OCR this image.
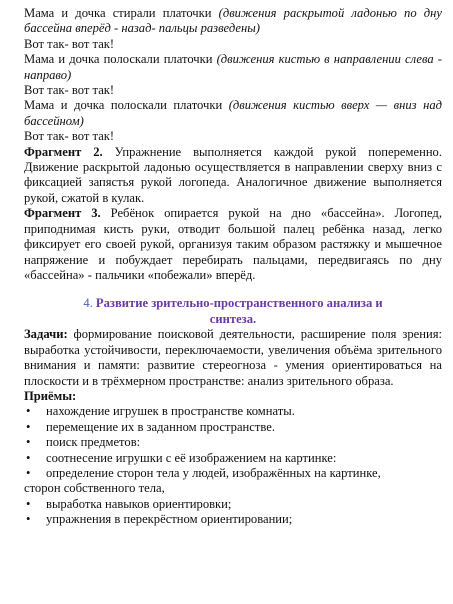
Мама и дочка стирали платочки (движения раскрытой ладонью по дну бассейна вперёд - назад- пальцы разведены)
Вот так- вот так!
Мама и дочка полоскали платочки (движения кистью в направлении слева - направо)
Вот так- вот так!
Мама и дочка полоскали платочки (движения кистью вверх — вниз над бассейном)
Вот так- вот так!
Фрагмент 2. Упражнение выполняется каждой рукой попеременно. Движение раскрытой ладонью осуществляется в направлении сверху вниз с фиксацией запястья рукой логопеда. Аналогичное движение выполняется рукой, сжатой в кулак.
Фрагмент 3. Ребёнок опирается рукой на дно «бассейна». Логопед, приподнимая кисть руки, отводит большой палец ребёнка назад, легко фиксирует его своей рукой, организуя таким образом растяжку и мышечное напряжение и побуждает перебирать пальцами, передвигаясь по дну «бассейна» - пальчики «побежали» вперёд.
4. Развитие зрительно-пространственного анализа и
синтеза.
Задачи: формирование поисковой деятельности, расширение поля зрения: выработка устойчивости, переключаемости, увеличения объёма зрительного внимания и памяти: развитие стереогноза - умения ориентироваться на плоскости и в трёхмерном пространстве: анализ зрительного образа.
Приёмы:
• нахождение игрушек в пространстве комнаты.
• перемещение их в заданном пространстве.
• поиск предметов:
• соотнесение игрушки с её изображением на картинке:
• определение сторон тела у людей, изображённых на картинке,
сторон собственного тела,
• выработка навыков ориентировки;
• упражнения в перекрёстном ориентировании;
